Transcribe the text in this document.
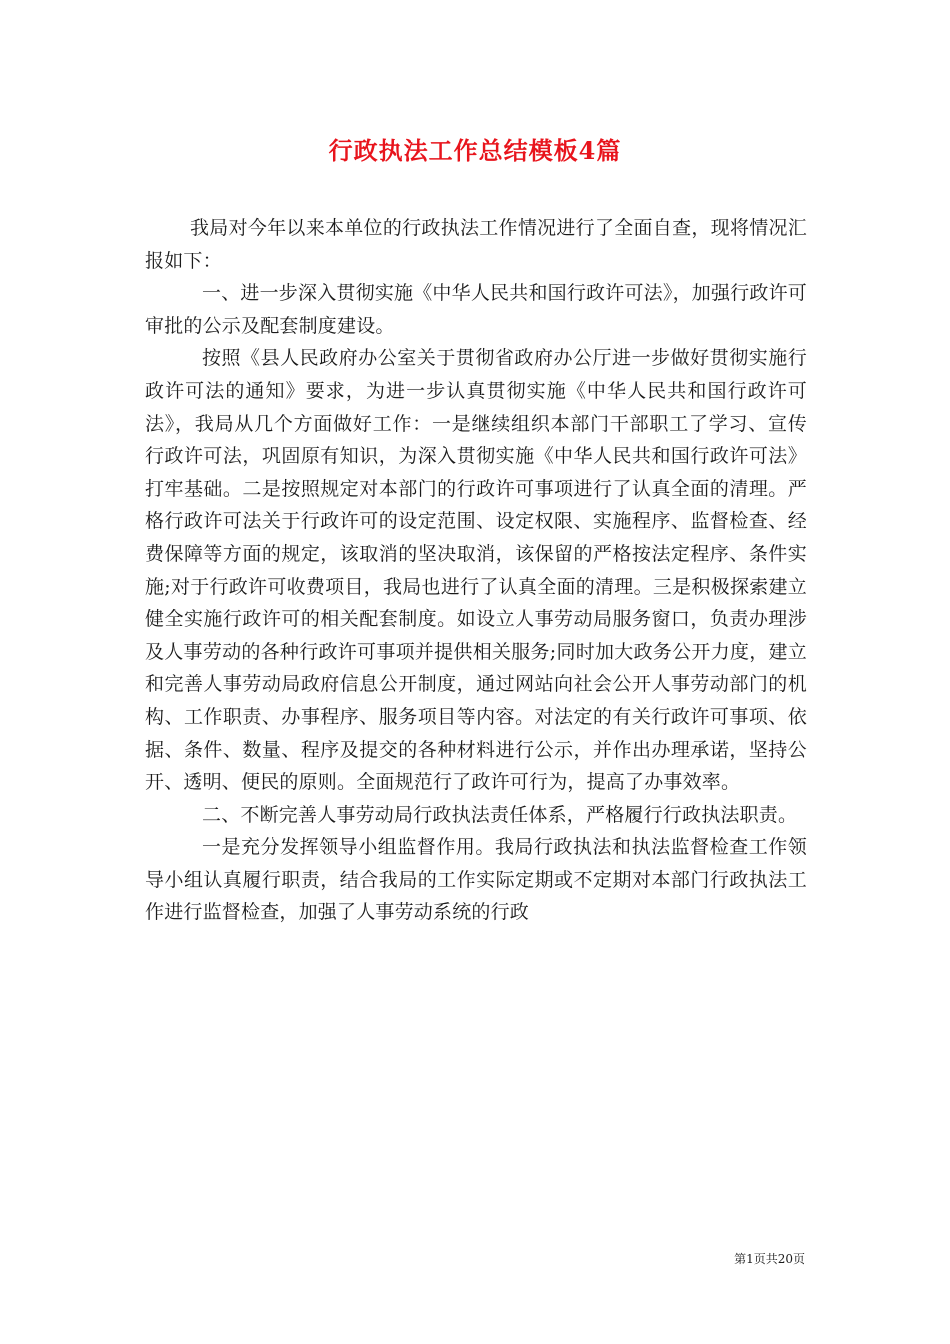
行政执法工作总结模板4篇

我局对今年以来本单位的行政执法工作情况进行了全面自查，现将情况汇报如下：

一、进一步深入贯彻实施《中华人民共和国行政许可法》，加强行政许可审批的公示及配套制度建设。

按照《县人民政府办公室关于贯彻省政府办公厅进一步做好贯彻实施行政许可法的通知》要求，为进一步认真贯彻实施《中华人民共和国行政许可法》，我局从几个方面做好工作：一是继续组织本部门干部职工了学习、宣传行政许可法，巩固原有知识，为深入贯彻实施《中华人民共和国行政许可法》打牢基础。二是按照规定对本部门的行政许可事项进行了认真全面的清理。严格行政许可法关于行政许可的设定范围、设定权限、实施程序、监督检查、经费保障等方面的规定，该取消的坚决取消，该保留的严格按法定程序、条件实施;对于行政许可收费项目，我局也进行了认真全面的清理。三是积极探索建立健全实施行政许可的相关配套制度。如设立人事劳动局服务窗口，负责办理涉及人事劳动的各种行政许可事项并提供相关服务;同时加大政务公开力度，建立和完善人事劳动局政府信息公开制度，通过网站向社会公开人事劳动部门的机构、工作职责、办事程序、服务项目等内容。对法定的有关行政许可事项、依据、条件、数量、程序及提交的各种材料进行公示，并作出办理承诺，坚持公开、透明、便民的原则。全面规范行了政许可行为，提高了办事效率。

二、不断完善人事劳动局行政执法责任体系，严格履行行政执法职责。

一是充分发挥领导小组监督作用。我局行政执法和执法监督检查工作领导小组认真履行职责，结合我局的工作实际定期或不定期对本部门行政执法工作进行监督检查，加强了人事劳动系统的行政

第1页共20页
